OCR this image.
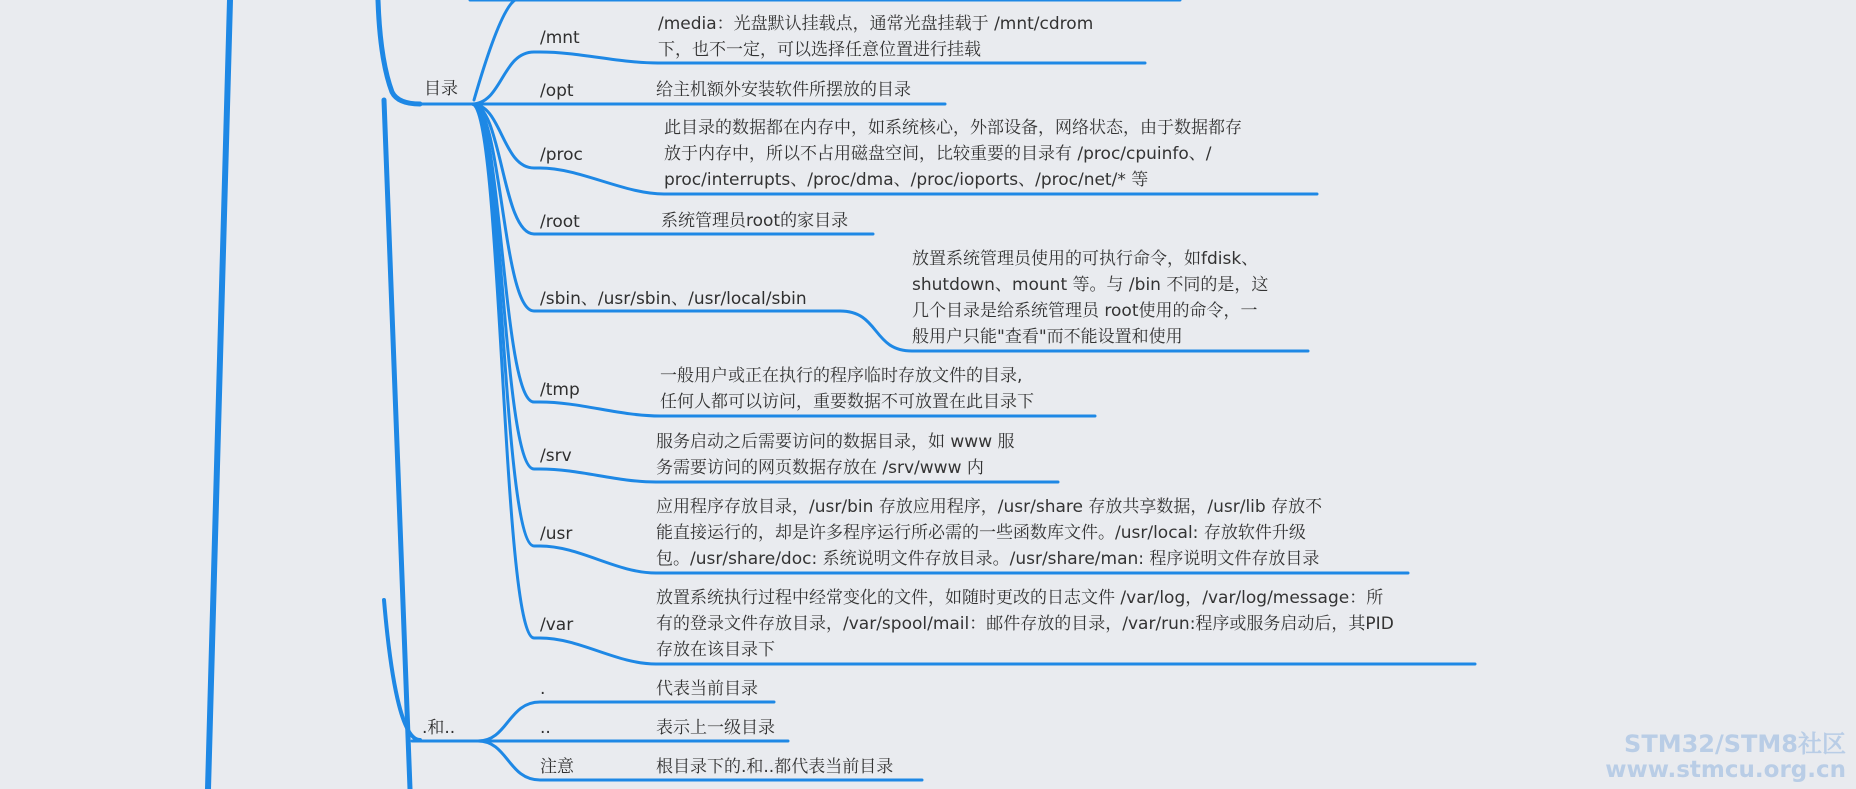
/mnt
/media：光盘默认挂载点，通常光盘挂载于 /mnt/cdrom
下，也不一定，可以选择任意位置进行挂载
/opt	给主机额外安装软件所摆放的目录
/proc
此目录的数据都在内存中，如系统核心，外部设备，网络状态，由于数据都存
放于内存中，所以不占用磁盘空间，比较重要的目录有 /proc/cpuinfo、/
proc/interrupts、/proc/dma、/proc/ioports、/proc/net/* 等
/root	系统管理员root的家目录
/sbin、/usr/sbin、/usr/local/sbin
放置系统管理员使用的可执行命令，如fdisk、
shutdown、mount 等。与 /bin 不同的是，这
几个目录是给系统管理员 root使用的命令，一
般用户只能"查看"而不能设置和使用
/tmp
一般用户或正在执行的程序临时存放文件的目录,
任何人都可以访问，重要数据不可放置在此目录下
/srv
服务启动之后需要访问的数据目录，如 www 服
务需要访问的网页数据存放在 /srv/www 内
/usr
应用程序存放目录，/usr/bin 存放应用程序，/usr/share 存放共享数据，/usr/lib 存放不
能直接运行的，却是许多程序运行所必需的一些函数库文件。/usr/local: 存放软件升级
包。/usr/share/doc: 系统说明文件存放目录。/usr/share/man: 程序说明文件存放目录
/var
放置系统执行过程中经常变化的文件，如随时更改的日志文件 /var/log，/var/log/message：所
有的登录文件存放目录，/var/spool/mail：邮件存放的目录，/var/run:程序或服务启动后，其PID
存放在该目录下
目录
.和..
.	代表当前目录
..	表示上一级目录
注意	根目录下的.和..都代表当前目录
STM32/STM8社区
www.stmcu.org.cn
